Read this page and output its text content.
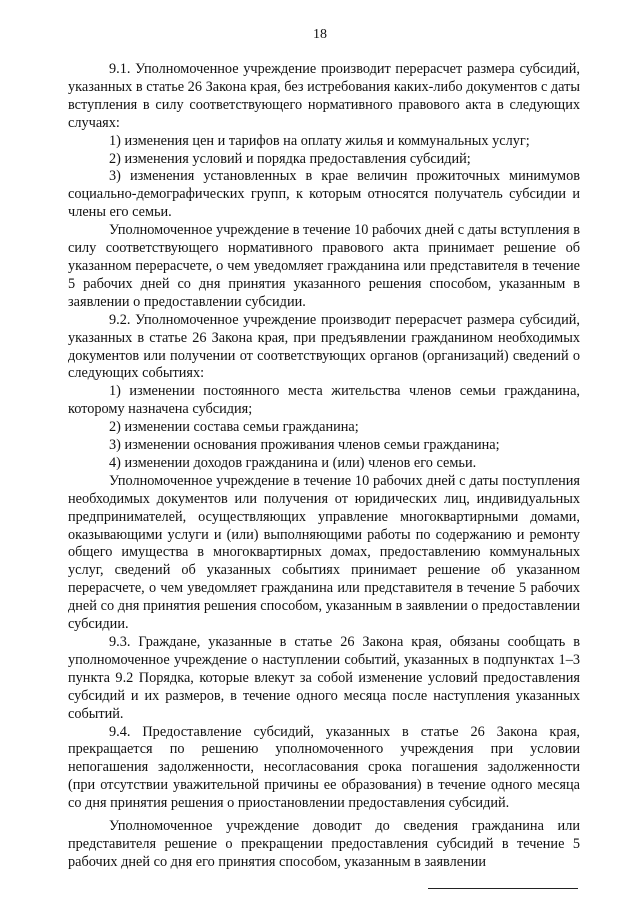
18

9.1. Уполномоченное учреждение производит перерасчет размера субсидий, указанных в статье 26 Закона края, без истребования каких-либо документов с даты вступления в силу соответствующего нормативного правового акта в следующих случаях:

1) изменения цен и тарифов на оплату жилья и коммунальных услуг;

2) изменения условий и порядка предоставления субсидий;

3) изменения установленных в крае величин прожиточных минимумов социально-демографических групп, к которым относятся получатель субсидии и члены его семьи.

Уполномоченное учреждение в течение 10 рабочих дней с даты вступления в силу соответствующего нормативного правового акта принимает решение об указанном перерасчете, о чем уведомляет гражданина или представителя в течение 5 рабочих дней со дня принятия указанного решения способом, указанным в заявлении о предоставлении субсидии.

9.2. Уполномоченное учреждение производит перерасчет размера субсидий, указанных в статье 26 Закона края, при предъявлении гражданином необходимых документов или получении от соответствующих органов (организаций) сведений о следующих событиях:

1) изменении постоянного места жительства членов семьи гражданина, которому назначена субсидия;

2) изменении состава семьи гражданина;

3) изменении основания проживания членов семьи гражданина;

4) изменении доходов гражданина и (или) членов его семьи.

Уполномоченное учреждение в течение 10 рабочих дней с даты поступления необходимых документов или получения от юридических лиц, индивидуальных предпринимателей, осуществляющих управление многоквартирными домами, оказывающими услуги и (или) выполняющими работы по содержанию и ремонту общего имущества в многоквартирных домах, предоставлению коммунальных услуг, сведений об указанных событиях принимает решение об указанном перерасчете, о чем уведомляет гражданина или представителя в течение 5 рабочих дней со дня принятия решения способом, указанным в заявлении о предоставлении субсидии.

9.3. Граждане, указанные в статье 26 Закона края, обязаны сообщать в уполномоченное учреждение о наступлении событий, указанных в подпунктах 1–3 пункта 9.2 Порядка, которые влекут за собой изменение условий предоставления субсидий и их размеров, в течение одного месяца после наступления указанных событий.

9.4. Предоставление субсидий, указанных в статье 26 Закона края, прекращается по решению уполномоченного учреждения при условии непогашения задолженности, несогласования срока погашения задолженности (при отсутствии уважительной причины ее образования) в течение одного месяца со дня принятия решения о приостановлении предоставления субсидий.

Уполномоченное учреждение доводит до сведения гражданина или представителя решение о прекращении предоставления субсидий в течение 5 рабочих дней со дня его принятия способом, указанным в заявлении
